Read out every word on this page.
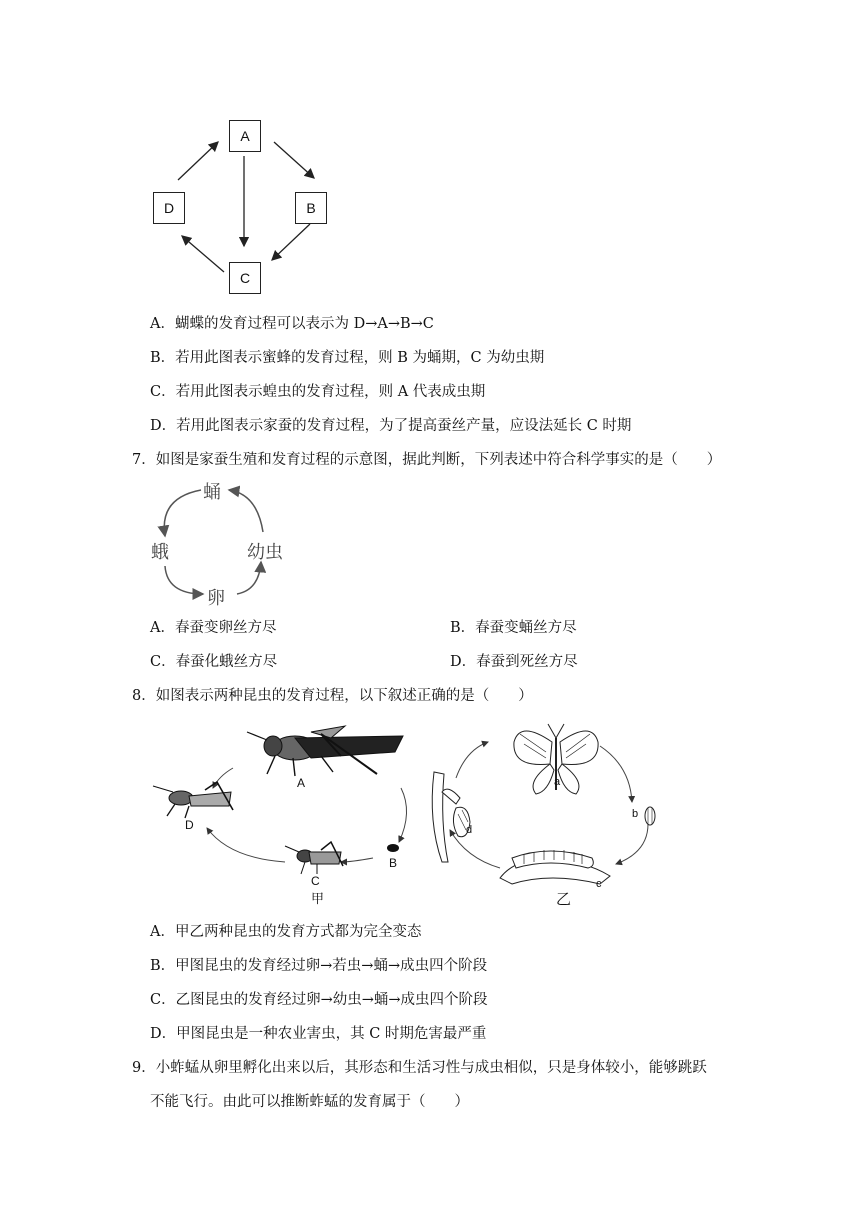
A
B
C
D
A．蝴蝶的发育过程可以表示为 D→A→B→C
B．若用此图表示蜜蜂的发育过程，则 B 为蛹期，C 为幼虫期
C．若用此图表示蝗虫的发育过程，则 A 代表成虫期
D．若用此图表示家蚕的发育过程，为了提高蚕丝产量，应设法延长 C 时期
7．如图是家蚕生殖和发育过程的示意图，据此判断，下列表述中符合科学事实的是（　　）
蛹
蛾	幼虫
卵
A．春蚕变卵丝方尽	B．春蚕变蛹丝方尽
C．春蚕化蛾丝方尽	D．春蚕到死丝方尽
8．如图表示两种昆虫的发育过程，以下叙述正确的是（　　）
A
D
C
B
甲
a
b
c
d
乙
A．甲乙两种昆虫的发育方式都为完全变态
B．甲图昆虫的发育经过卵→若虫→蛹→成虫四个阶段
C．乙图昆虫的发育经过卵→幼虫→蛹→成虫四个阶段
D．甲图昆虫是一种农业害虫，其 C 时期危害最严重
9．小蚱蜢从卵里孵化出来以后，其形态和生活习性与成虫相似，只是身体较小，能够跳跃
不能飞行。由此可以推断蚱蜢的发育属于（　　）
